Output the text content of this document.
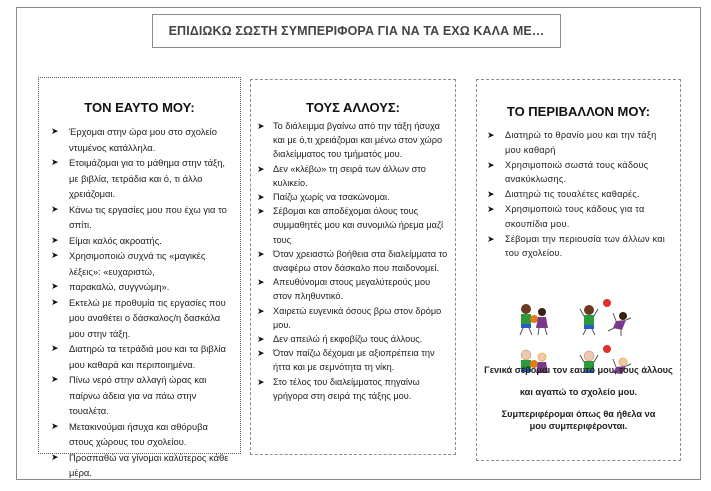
ΕΠΙΔΙΩΚΩ ΣΩΣΤΗ ΣΥΜΠΕΡΙΦΟΡΑ ΓΙΑ ΝΑ ΤΑ ΕΧΩ ΚΑΛΑ ΜΕ…
ΤΟΝ ΕΑΥΤΟ ΜΟΥ:
➤ Έρχομαι στην ώρα μου στο σχολείο ντυμένος κατάλληλα.
➤ Ετοιμάζομαι για το μάθημα στην τάξη, με βιβλία, τετράδια και ό, τι άλλο χρειάζομαι.
➤ Κάνω τις εργασίες μου που έχω για το σπίτι.
➤ Είμαι καλός ακροατής.
➤ Χρησιμοποιώ συχνά τις «μαγικές λέξεις»: «ευχαριστώ,
➤ παρακαλώ, συγγνώμη».
➤ Εκτελώ με προθυμία τις εργασίες που μου αναθέτει ο δάσκαλος/η δασκάλα μου στην τάξη.
➤ Διατηρώ τα τετράδιά μου και τα βιβλία μου καθαρά και περιποιημένα.
➤ Πίνω νερό στην αλλαγή ώρας και παίρνω άδεια για να πάω στην τουαλέτα.
➤ Μετακινούμαι ήσυχα και αθόρυβα στους χώρους του σχολείου.
➤ Προσπαθώ να γίνομαι καλύτερος κάθε μέρα.
ΤΟΥΣ ΑΛΛΟΥΣ:
➤ Το διάλειμμα βγαίνω από την τάξη ήσυχα και με ό,τι χρειάζομαι και μένω στον χώρο διαλείμματος του τμήματός μου.
➤ Δεν «κλέβω» τη σειρά των άλλων στο κυλικείο.
➤ Παίζω χωρίς να τσακώνομαι.
➤ Σέβομαι και αποδέχομαι όλους τους συμμαθητές μου και συνομιλώ ήρεμα μαζί τους
➤ Όταν χρειαστώ βοήθεια στα διαλείμματα το αναφέρω στον δάσκαλο που παιδονομεί.
➤ Απευθύνομαι στους μεγαλύτερούς μου στον πληθυντικό.
➤ Χαιρετώ ευγενικά όσους βρω στον δρόμο μου.
➤ Δεν απειλώ ή εκφοβίζω τους άλλους.
➤ Όταν παίζω δέχομαι με αξιοπρέπεια την ήττα και με σεμνότητα τη νίκη.
➤ Στο τέλος του διαλείμματος πηγαίνω γρήγορα στη σειρά της τάξης μου.
ΤΟ ΠΕΡΙΒΑΛΛΟΝ ΜΟΥ:
➤ Διατηρώ το θρανίο μου και την τάξη μου καθαρή
➤ Χρησιμοποιώ σωστά τους κάδους ανακύκλωσης.
➤ Διατηρώ τις τουαλέτες καθαρές.
➤ Χρησιμοποιώ τους κάδους για τα σκουπίδια μου.
➤ Σέβομαι την περιουσία των άλλων και του σχολείου.

Γενικά σέβομαι τον εαυτό μου, τους άλλους

και αγαπώ το σχολείο μου.

Συμπεριφέρομαι όπως θα ήθελα να μου συμπεριφέρονται.
